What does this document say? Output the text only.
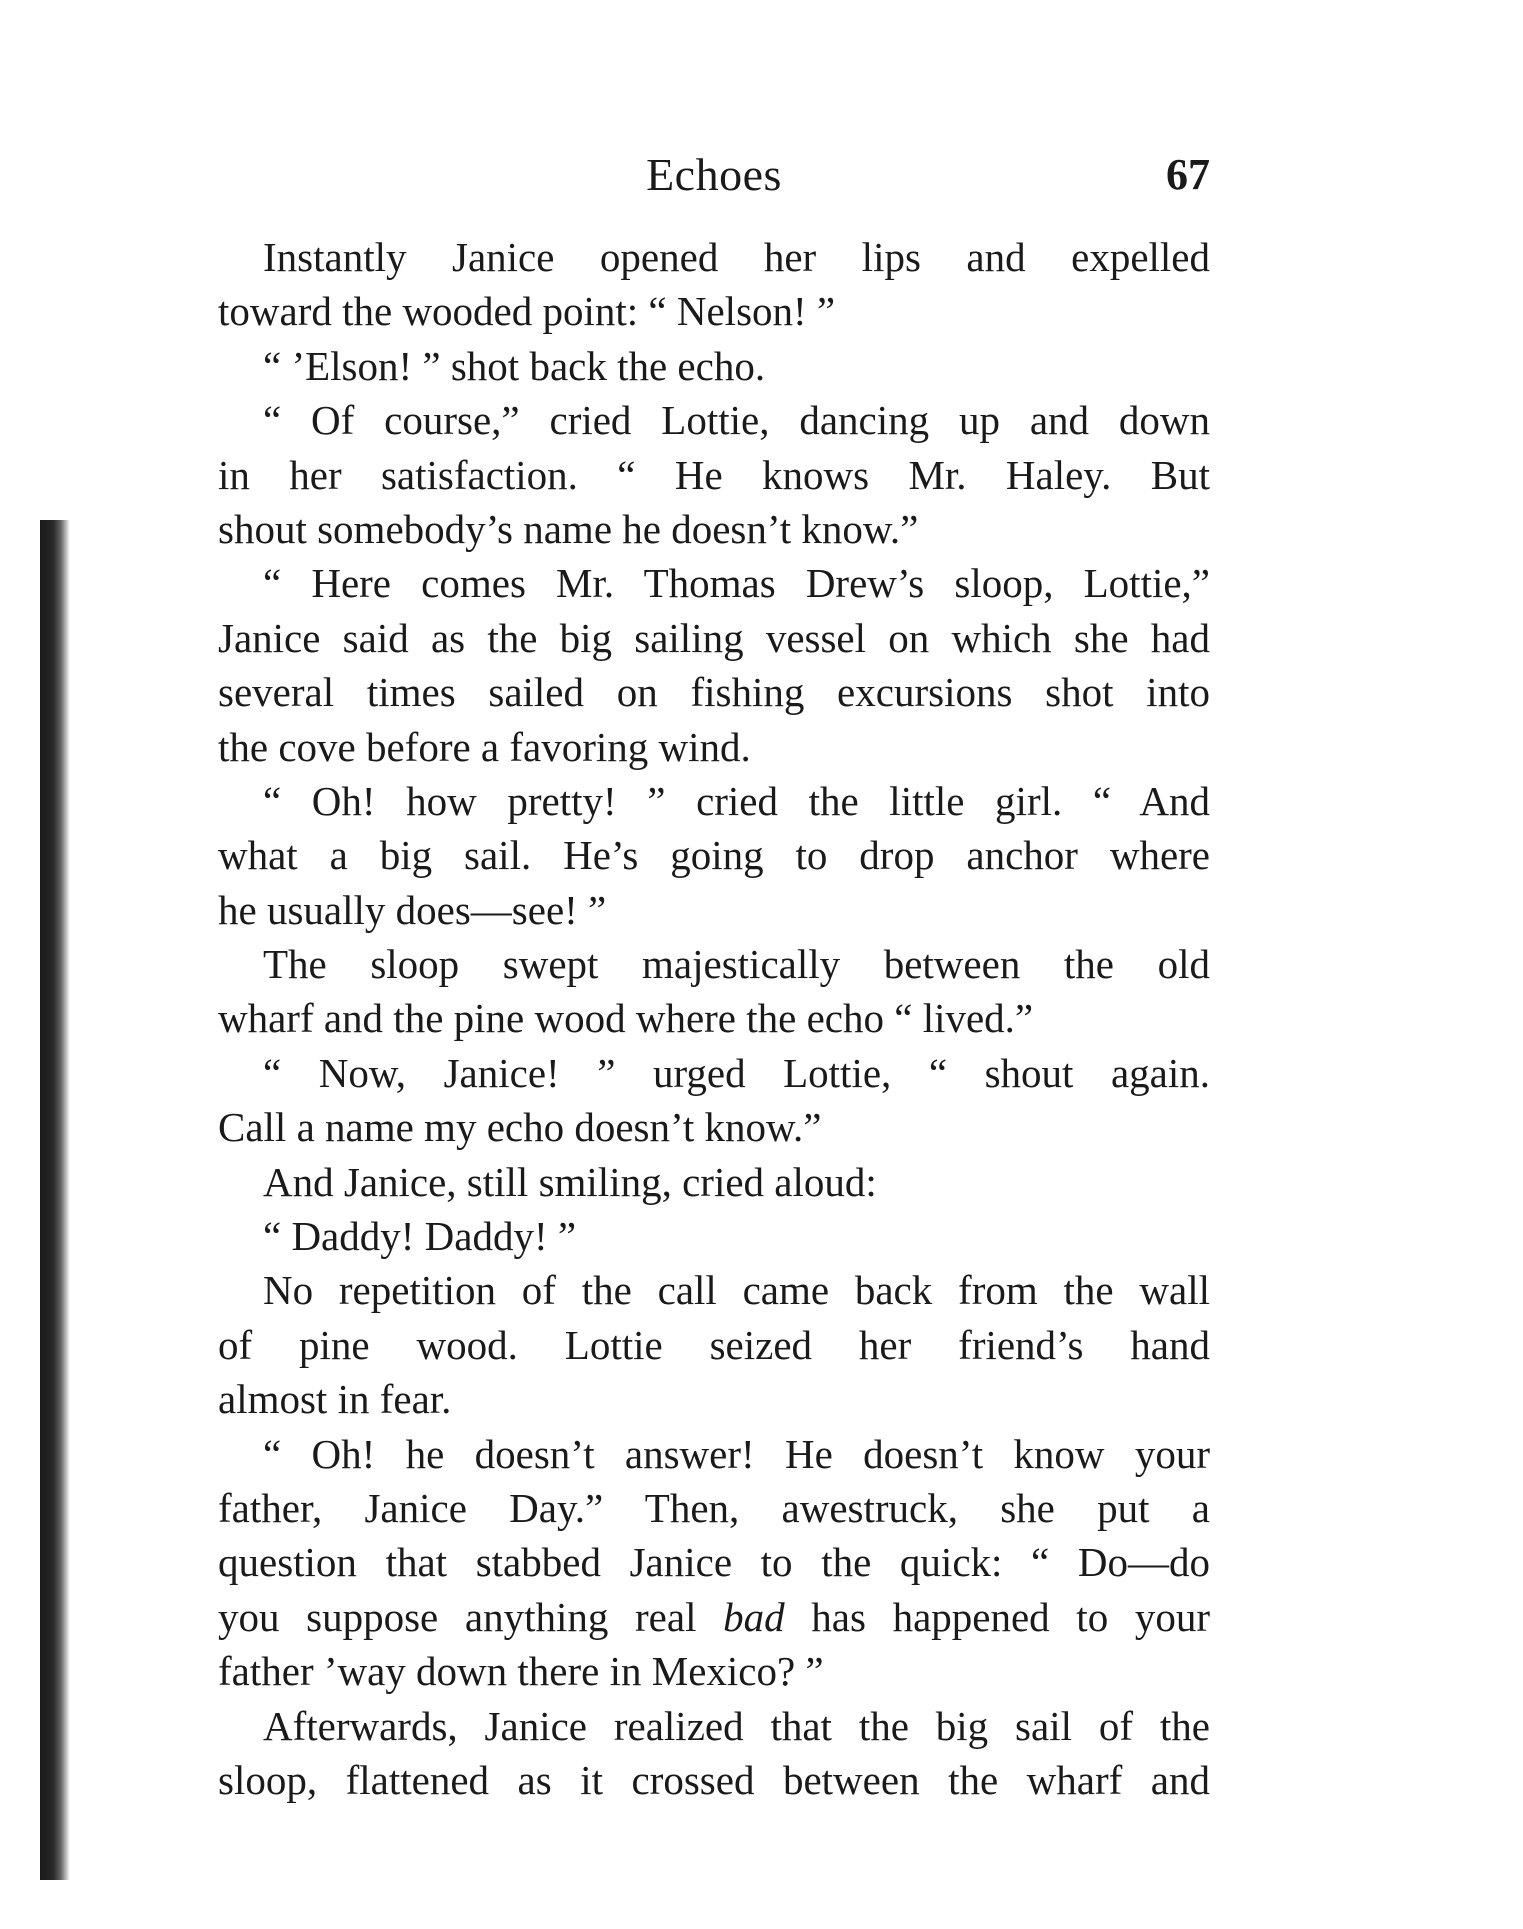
Echoes	67
Instantly Janice opened her lips and expelled
toward the wooded point: “ Nelson! ”
“ ’Elson! ” shot back the echo.
“ Of course,” cried Lottie, dancing up and down
in her satisfaction. “ He knows Mr. Haley. But
shout somebody’s name he doesn’t know.”
“ Here comes Mr. Thomas Drew’s sloop, Lottie,”
Janice said as the big sailing vessel on which she had
several times sailed on fishing excursions shot into
the cove before a favoring wind.
“ Oh! how pretty! ” cried the little girl. “ And
what a big sail. He’s going to drop anchor where
he usually does—see! ”
The sloop swept majestically between the old
wharf and the pine wood where the echo “ lived.”
“ Now, Janice! ” urged Lottie, “ shout again.
Call a name my echo doesn’t know.”
And Janice, still smiling, cried aloud:
“ Daddy! Daddy! ”
No repetition of the call came back from the wall
of pine wood. Lottie seized her friend’s hand
almost in fear.
“ Oh! he doesn’t answer! He doesn’t know your
father, Janice Day.” Then, awestruck, she put a
question that stabbed Janice to the quick: “ Do—do
you suppose anything real bad has happened to your
father ’way down there in Mexico? ”
Afterwards, Janice realized that the big sail of the
sloop, flattened as it crossed between the wharf and
